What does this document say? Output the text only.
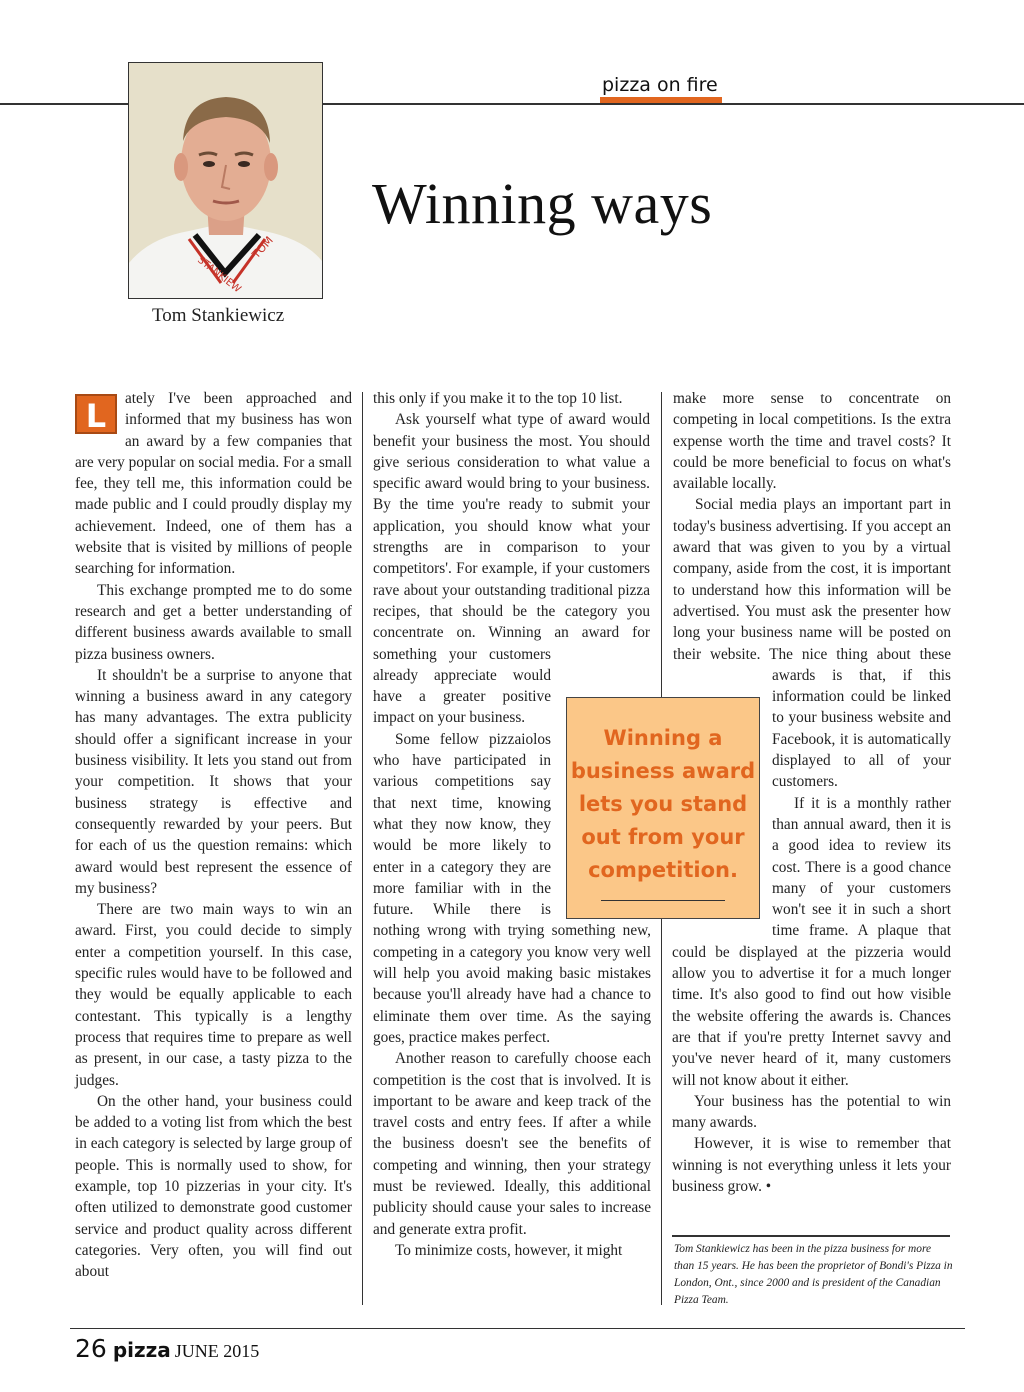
pizza on fire
STANKIEW
TOM
Tom Stankiewicz
Winning ways

L	ately I've been approached and informed that my business has won an award by a few companies that are very popular on social media. For a small fee, they tell me, this information could be made public and I could proudly display my achievement. Indeed, one of them has a website that is visited by millions of people searching for information.

This exchange prompted me to do some research and get a better understanding of different business awards available to small pizza business owners.

It shouldn't be a surprise to anyone that winning a business award in any category has many advantages. The extra publicity should offer a significant increase in your business visibility. It lets you stand out from your competition. It shows that your business strategy is effective and consequently rewarded by your peers. But for each of us the question remains: which award would best represent the essence of my business?

There are two main ways to win an award. First, you could decide to simply enter a competition yourself. In this case, specific rules would have to be followed and they would be equally applicable to each contestant. This typically is a lengthy process that requires time to prepare as well as present, in our case, a tasty pizza to the judges.

On the other hand, your business could be added to a voting list from which the best in each category is selected by large group of people. This is normally used to show, for example, top 10 pizzerias in your city. It's often utilized to demonstrate good customer service and product quality across different categories. Very often, you will find out about

this only if you make it to the top 10 list.

Ask yourself what type of award would benefit your business the most. You should give serious consideration to what value a specific award would bring to your business. By the time you're ready to submit your application, you should know what your strengths are in comparison to your competitors'. For example, if your customers rave about your outstanding traditional pizza recipes, that should be the category you concentrate on. Winning an award for something your customers already appreciate would have a greater positive impact on your business.

Some fellow pizzaiolos who have participated in various competitions say that next time, knowing what they now know, they would be more likely to enter in a category they are more familiar with in the future. While there is nothing wrong with trying something new, competing in a category you know very well will help you avoid making basic mistakes because you'll already have had a chance to eliminate them over time. As the saying goes, practice makes perfect.

Another reason to carefully choose each competition is the cost that is involved. It is important to be aware and keep track of the travel costs and entry fees. If after a while the business doesn't see the benefits of competing and winning, then your strategy must be reviewed. Ideally, this additional publicity should cause your sales to increase and generate extra profit.

To minimize costs, however, it might

make more sense to concentrate on competing in local competitions. Is the extra expense worth the time and travel costs? It could be more beneficial to focus on what's available locally.

Social media plays an important part in today's business advertising. If you accept an award that was given to you by a virtual company, aside from the cost, it is important to understand how this information will be advertised. You must ask the presenter how long your business name will be posted on their website. The nice thing about these awards is that, if this information could be linked to your business website and Facebook, it is automatically displayed to all of your customers.

If it is a monthly rather than annual award, then it is a good idea to review its cost. There is a good chance many of your customers won't see it in such a short time frame. A plaque that could be displayed at the pizzeria would allow you to advertise it for a much longer time. It's also good to find out how visible the website offering the awards is. Chances are that if you're pretty Internet savvy and you've never heard of it, many customers will not know about it either.

Your business has the potential to win many awards.

However, it is wise to remember that winning is not everything unless it lets your business grow. •

Winning a
business award
lets you stand
out from your
competition.
Tom Stankiewicz has been in the pizza business for more than 15 years. He has been the proprietor of Bondi's Pizza in London, Ont., since 2000 and is president of the Canadian Pizza Team.
26 pizza JUNE 2015
